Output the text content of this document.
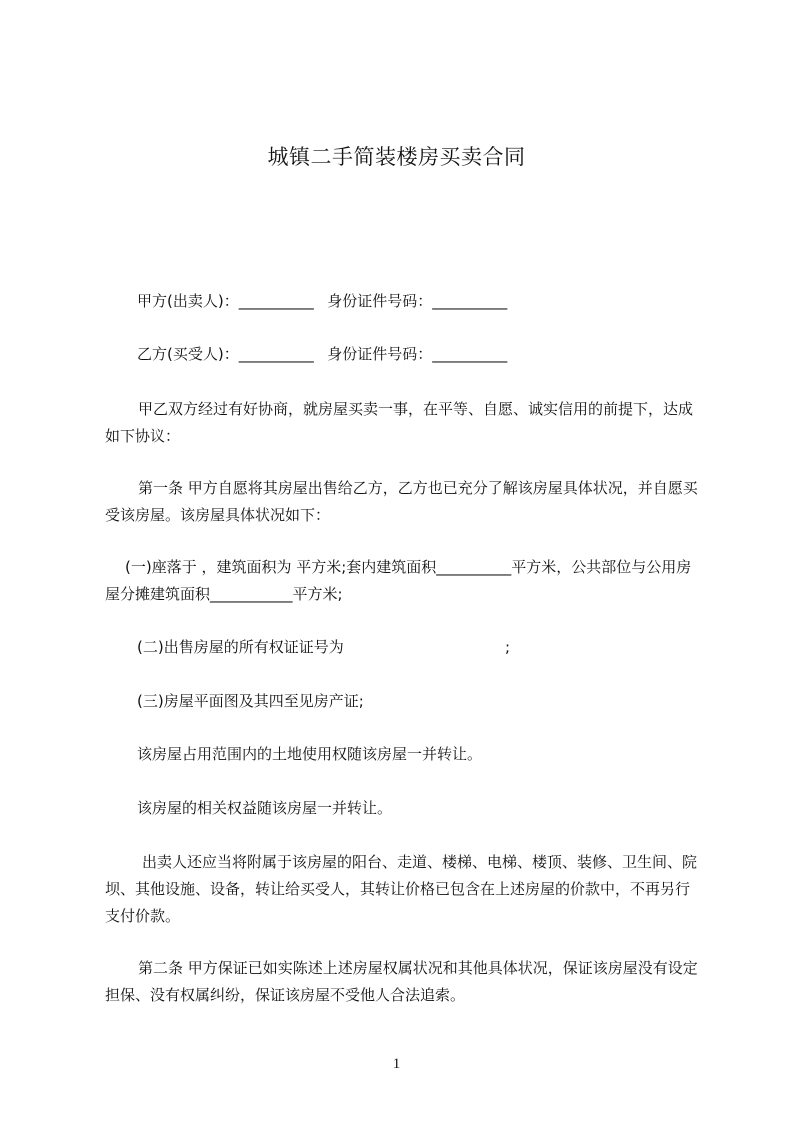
城镇二手简装楼房买卖合同
甲方(出卖人)：__________ 身份证件号码：__________
乙方(买受人)：__________ 身份证件号码：__________

甲乙双方经过有好协商，就房屋买卖一事，在平等、自愿、诚实信用的前提下，达成如下协议：

第一条 甲方自愿将其房屋出售给乙方，乙方也已充分了解该房屋具体状况，并自愿买受该房屋。该房屋具体状况如下：

(一)座落于 ，建筑面积为 平方米;套内建筑面积__________平方米，公共部位与公用房屋分摊建筑面积___________平方米;

(二)出售房屋的所有权证证号为	;

(三)房屋平面图及其四至见房产证;

该房屋占用范围内的土地使用权随该房屋一并转让。

该房屋的相关权益随该房屋一并转让。

出卖人还应当将附属于该房屋的阳台、走道、楼梯、电梯、楼顶、装修、卫生间、院坝、其他设施、设备，转让给买受人，其转让价格已包含在上述房屋的价款中，不再另行支付价款。

第二条 甲方保证已如实陈述上述房屋权属状况和其他具体状况，保证该房屋没有设定担保、没有权属纠纷，保证该房屋不受他人合法追索。

1
